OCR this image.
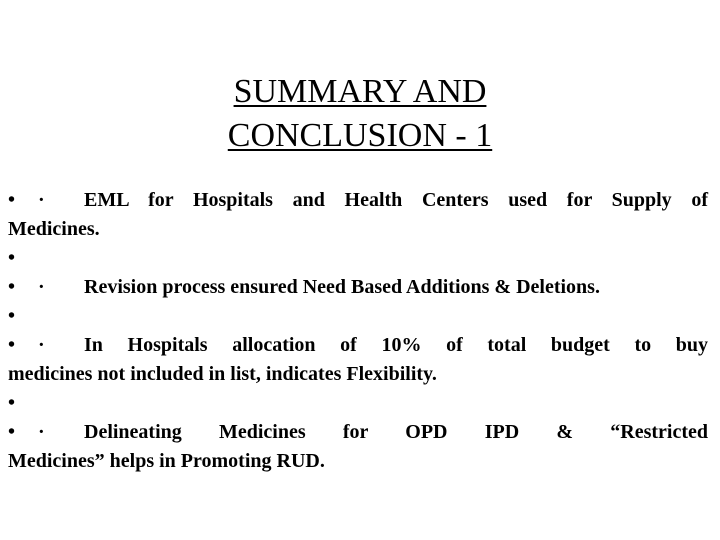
SUMMARY AND
CONCLUSION - 1
• · EML for Hospitals and Health Centers used for Supply of
Medicines.
•
• · Revision process ensured Need Based Additions & Deletions.
•
• · In Hospitals allocation of 10% of total budget to buy
medicines not included in list, indicates Flexibility.
•
• · Delineating Medicines for OPD IPD & “Restricted
Medicines” helps in Promoting RUD.
